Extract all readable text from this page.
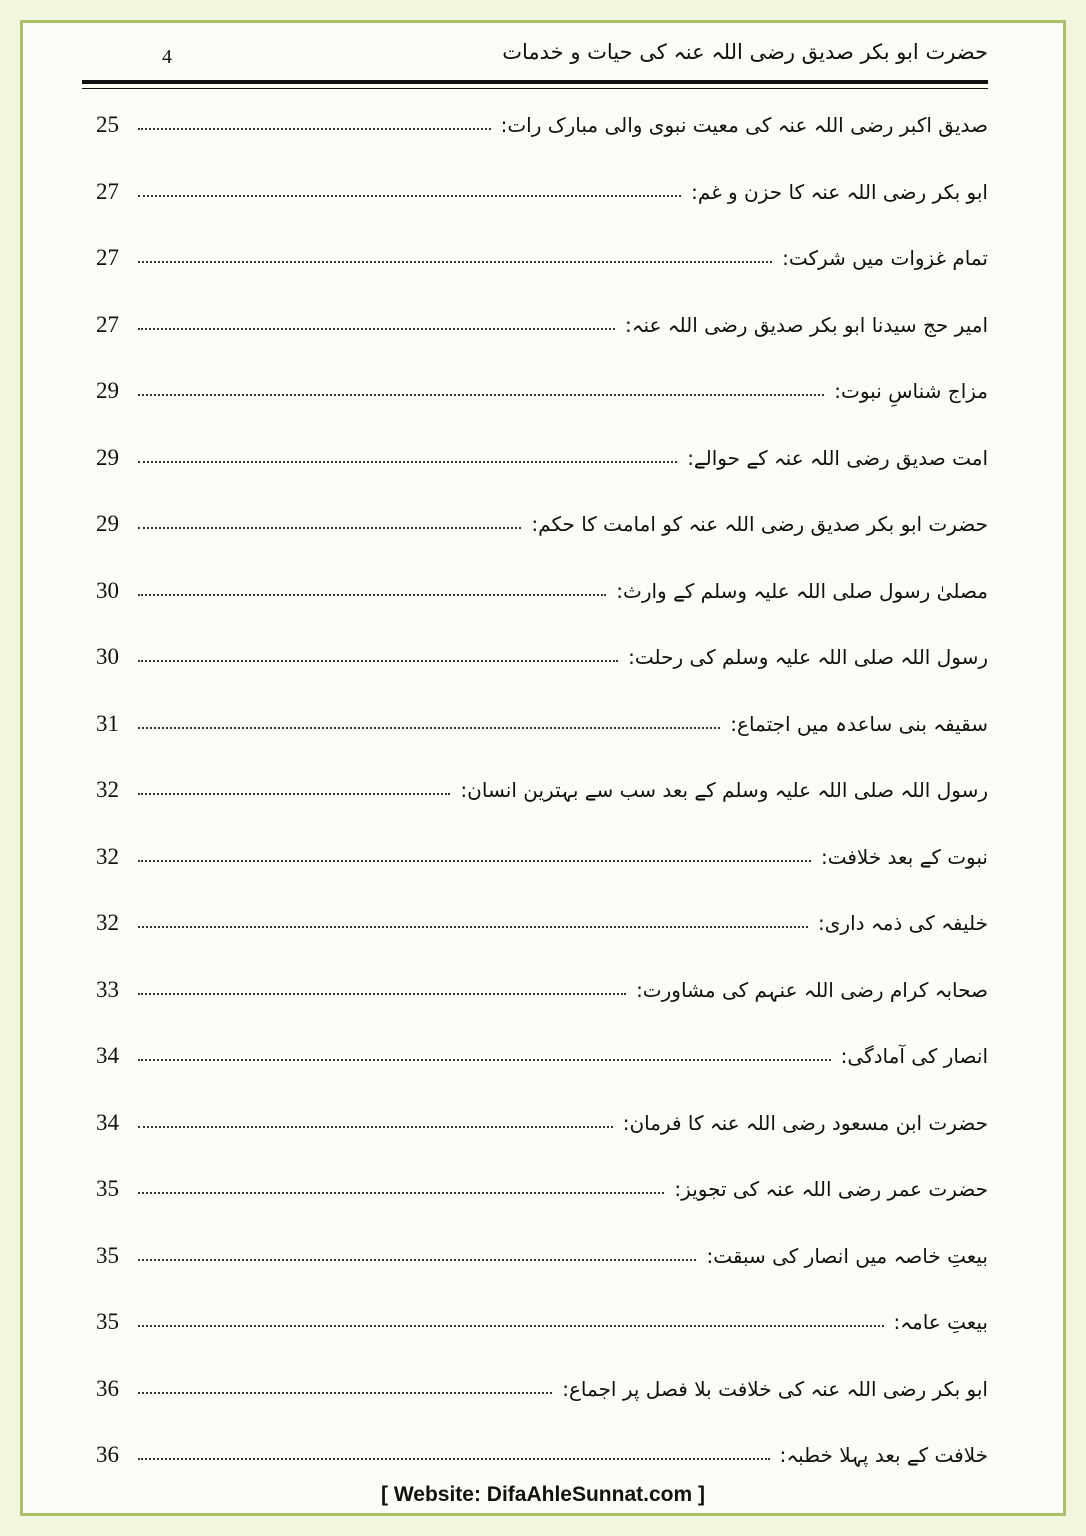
4	حضرت ابو بکر صدیق رضی اللہ عنہ کی حیات و خدمات
صدیق اکبر رضی اللہ عنہ کی معیت نبوی والی مبارک رات:
25
ابو بکر رضی اللہ عنہ کا حزن و غم:
27
تمام غزوات میں شرکت:
27
امیر حج سیدنا ابو بکر صدیق رضی اللہ عنہ:
27
مزاج شناسِ نبوت:
29
امت صدیق رضی اللہ عنہ کے حوالے:
29
حضرت ابو بکر صدیق رضی اللہ عنہ کو امامت کا حکم:
29
مصلیٰ رسول صلی اللہ علیہ وسلم کے وارث:
30
رسول اللہ صلی اللہ علیہ وسلم کی رحلت:
30
سقیفہ بنی ساعدہ میں اجتماع:
31
رسول اللہ صلی اللہ علیہ وسلم کے بعد سب سے بہترین انسان:
32
نبوت کے بعد خلافت:
32
خلیفہ کی ذمہ داری:
32
صحابہ کرام رضی اللہ عنہم کی مشاورت:
33
انصار کی آمادگی:
34
حضرت ابن مسعود رضی اللہ عنہ کا فرمان:
34
حضرت عمر رضی اللہ عنہ کی تجویز:
35
بیعتِ خاصہ میں انصار کی سبقت:
35
بیعتِ عامہ:
35
ابو بکر رضی اللہ عنہ کی خلافت بلا فصل پر اجماع:
36
خلافت کے بعد پہلا خطبہ:
36
[ Website: DifaAhleSunnat.com ]
